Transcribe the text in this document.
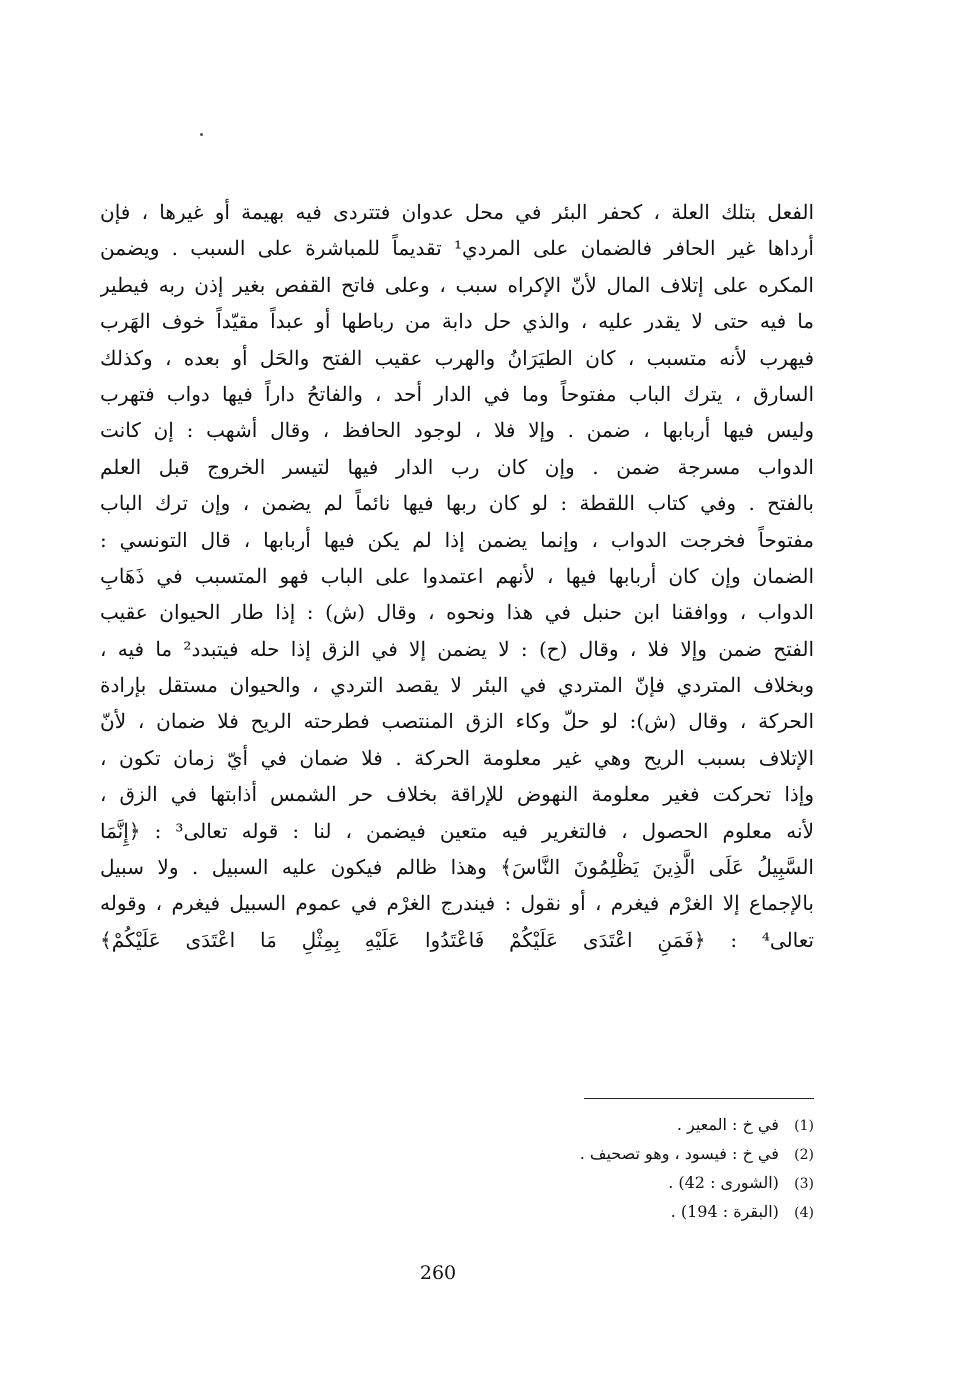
الفعل بتلك العلة ، كحفر البئر في محل عدوان فتتردى فيه بهيمة أو غيرها ، فإن
أرداها غير الحافر فالضمان على المردي¹ تقديماً للمباشرة على السبب . ويضمن
المكره على إتلاف المال لأنّ الإكراه سبب ، وعلى فاتح القفص بغير إذن ربه فيطير
ما فيه حتى لا يقدر عليه ، والذي حل دابة من رباطها أو عبداً مقيّداً خوف الهَرب
فيهرب لأنه متسبب ، كان الطيَرَانُ والهرب عقيب الفتح والحَل أو بعده ، وكذلك
السارق ، يترك الباب مفتوحاً وما في الدار أحد ، والفاتحُ داراً فيها دواب فتهرب
وليس فيها أربابها ، ضمن . وإلا فلا ، لوجود الحافظ ، وقال أشهب : إن كانت
الدواب مسرجة ضمن . وإن كان رب الدار فيها لتيسر الخروج قبل العلم
بالفتح . وفي كتاب اللقطة : لو كان ربها فيها نائماً لم يضمن ، وإن ترك الباب
مفتوحاً فخرجت الدواب ، وإنما يضمن إذا لم يكن فيها أربابها ، قال التونسي :
الضمان وإن كان أربابها فيها ، لأنهم اعتمدوا على الباب فهو المتسبب في ذَهَابِ
الدواب ، ووافقنا ابن حنبل في هذا ونحوه ، وقال (ش) : إذا طار الحيوان عقيب
الفتح ضمن وإلا فلا ، وقال (ح) : لا يضمن إلا في الزق إذا حله فيتبدد² ما فيه ،
وبخلاف المتردي فإنّ المتردي في البئر لا يقصد التردي ، والحيوان مستقل بإرادة
الحركة ، وقال (ش): لو حلّ وكاء الزق المنتصب فطرحته الريح فلا ضمان ، لأنّ
الإتلاف بسبب الريح وهي غير معلومة الحركة . فلا ضمان في أيّ زمان تكون ،
وإذا تحركت فغير معلومة النهوض للإراقة بخلاف حر الشمس أذابتها في الزق ،
لأنه معلوم الحصول ، فالتغرير فيه متعين فيضمن ، لنا : قوله تعالى³ : ﴿إِنَّمَا
السَّبِيلُ عَلَى الَّذِينَ يَظْلِمُونَ النَّاسَ﴾ وهذا ظالم فيكون عليه السبيل . ولا سبيل
بالإجماع إلا الغرْم فيغرم ، أو نقول : فيندرج الغرْم في عموم السبيل فيغرم ، وقوله
تعالى⁴ : ﴿فَمَنِ اعْتَدَى عَلَيْكُمْ فَاعْتَدُوا عَلَيْهِ بِمِثْلِ مَا اعْتَدَى عَلَيْكُمْ﴾
(1) في خ : المعير .
(2) في خ : فيسود ، وهو تصحيف .
(3) (الشورى : 42) .
(4) (البقرة : 194) .
260
